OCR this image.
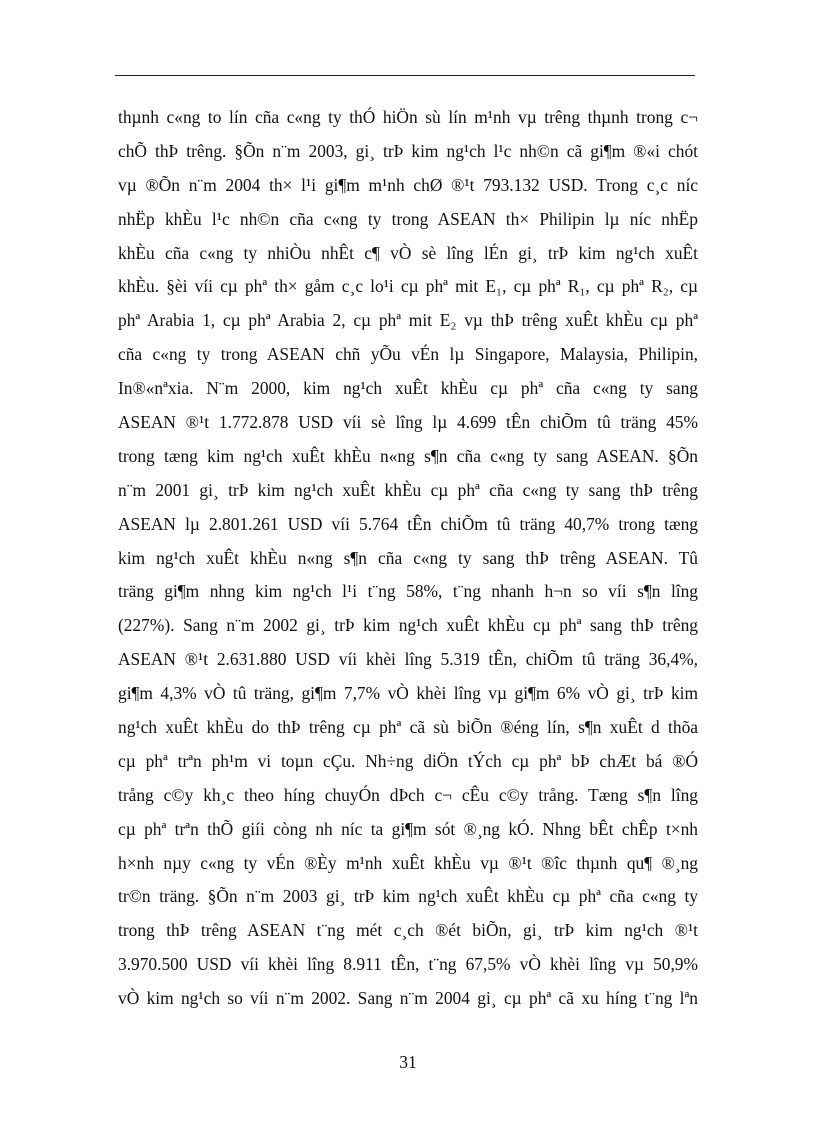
thµnh c«ng to lín cña c«ng ty thÓ hiÖn sù lín m¹nh vµ trêng thµnh trong c¬
chÕ thÞ trêng. §Õn n¨m 2003, gi¸ trÞ kim ng¹ch l¹c nh©n cã gi¶m ®«i chót
vµ ®Õn n¨m 2004 th× l¹i gi¶m m¹nh chØ ®¹t 793.132 USD. Trong c¸c níc
nhËp khÈu l¹c nh©n cña c«ng ty trong ASEAN th× Philipin lµ níc nhËp
khÈu cña c«ng ty nhiÒu nhÊt c¶ vÒ sè lîng lÉn gi¸ trÞ kim ng¹ch xuÊt
khÈu. §èi víi cµ phª th× gåm c¸c lo¹i cµ phª mit E₁, cµ phª R₁, cµ phª R₂, cµ
phª Arabia 1, cµ phª Arabia 2, cµ phª mit E₂ vµ thÞ trêng xuÊt khÈu cµ phª
cña c«ng ty trong ASEAN chñ yÕu vÉn lµ Singapore, Malaysia, Philipin,
In®«nªxia. N¨m 2000, kim ng¹ch xuÊt khÈu cµ phª cña c«ng ty sang
ASEAN ®¹t 1.772.878 USD víi sè lîng lµ 4.699 tÊn chiÕm tû träng 45%
trong tæng kim ng¹ch xuÊt khÈu n«ng s¶n cña c«ng ty sang ASEAN. §Õn
n¨m 2001 gi¸ trÞ kim ng¹ch xuÊt khÈu cµ phª cña c«ng ty sang thÞ trêng
ASEAN lµ 2.801.261 USD víi 5.764 tÊn chiÕm tû träng 40,7% trong tæng
kim ng¹ch xuÊt khÈu n«ng s¶n cña c«ng ty sang thÞ trêng ASEAN. Tû
träng gi¶m nhng kim ng¹ch l¹i t¨ng 58%, t¨ng nhanh h¬n so víi s¶n lîng
(227%). Sang n¨m 2002 gi¸ trÞ kim ng¹ch xuÊt khÈu cµ phª sang thÞ trêng
ASEAN ®¹t 2.631.880 USD víi khèi lîng 5.319 tÊn, chiÕm tû träng 36,4%,
gi¶m 4,3% vÒ tû träng, gi¶m 7,7% vÒ khèi lîng vµ gi¶m 6% vÒ gi¸ trÞ kim
ng¹ch xuÊt khÈu do thÞ trêng cµ phª cã sù biÕn ®éng lín, s¶n xuÊt d thõa
cµ phª trªn ph¹m vi toµn cÇu. Nh÷ng diÖn tÝch cµ phª bÞ chÆt bá ®Ó
trång c©y kh¸c theo híng chuyÓn dÞch c¬ cÊu c©y trång. Tæng s¶n lîng
cµ phª trªn thÕ giíi còng nh níc ta gi¶m sót ®¸ng kÓ. Nhng bÊt chÊp t×nh
h×nh nµy c«ng ty vÉn ®Èy m¹nh xuÊt khÈu vµ ®¹t ®îc thµnh qu¶ ®¸ng
tr©n träng. §Õn n¨m 2003 gi¸ trÞ kim ng¹ch xuÊt khÈu cµ phª cña c«ng ty
trong thÞ trêng ASEAN t¨ng mét c¸ch ®ét biÕn, gi¸ trÞ kim ng¹ch ®¹t
3.970.500 USD víi khèi lîng 8.911 tÊn, t¨ng 67,5% vÒ khèi lîng vµ 50,9%
vÒ kim ng¹ch so víi n¨m 2002. Sang n¨m 2004 gi¸ cµ phª cã xu híng t¨ng lªn
31
